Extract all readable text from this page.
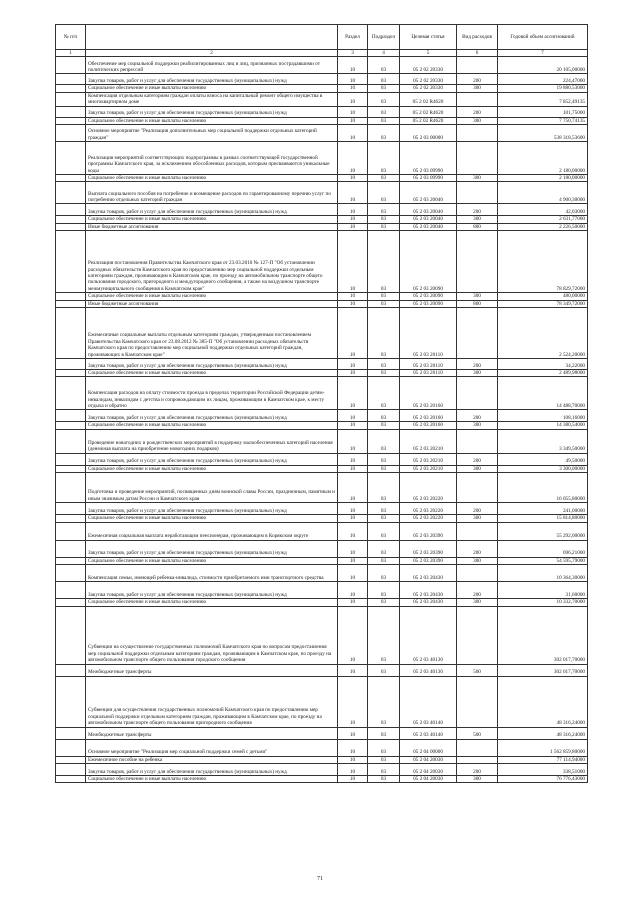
№ п/п		Раздел	Подраздел	Целевая статья	Вид расходов	Годовой объем ассигнований
1	2	3	4	5	6	7
	Обеспечение мер социальной поддержки реабилитированных лиц и лиц, признанных пострадавшими от политических репрессий	10	03	05 2 02 20330		20 105,00000
	Закупка товаров, работ и услуг для обеспечения государственных (муниципальных) нужд	10	03	05 2 02 20330	200	224,47000
	Социальное обеспечение и иные выплаты населению	10	03	05 2 02 20330	300	19 880,53000
	Компенсация отдельным категориям граждан оплаты взноса на капитальный ремонт общего имущества в многоквартирном доме	10	03	05 2 02 R4620		7 852,49135
	Закупка товаров, работ и услуг для обеспечения государственных (муниципальных) нужд	10	03	05 2 02 R4620	200	101,75000
	Социальное обеспечение и иные выплаты населению	10	03	05 2 02 R4620	300	7 750,74135
	Основное мероприятие "Реализация дополнительных мер социальной поддержки отдельных категорий граждан"	10	03	05 2 03 00000		538 318,53600
	Реализация мероприятий соответствующих подпрограммы в рамках соответствующей государственной программы Камчатского края, за исключением обособленных расходов, которым присваиваются уникальные коды	10	03	05 2 03 09990		2 180,00000
	Социальное обеспечение и иные выплаты населению	10	03	05 2 03 09990	300	2 180,00000
	Выплата социального пособия на погребение и возмещение расходов по гарантированному перечню услуг по погребению отдельных категорий граждан	10	03	05 2 03 20040		4 900,30000
	Закупка товаров, работ и услуг для обеспечения государственных (муниципальных) нужд	10	03	05 2 03 20040	200	42,03000
	Социальное обеспечение и иные выплаты населению	10	03	05 2 03 20040	300	2 631,77000
	Иные бюджетные ассигнования	10	03	05 2 03 20040	800	2 226,50000
	Реализация постановления Правительства Камчатского края от 23.03.2010 № 127-П "Об установлении расходных обязательств Камчатского края по предоставлению мер социальной поддержки отдельным категориям граждан, проживающим в Камчатском крае, по проезду на автомобильном транспорте общего пользования городского, пригородного и междугородного сообщения, а также на воздушном транспорте межмуниципального сообщения в Камчатском крае"	10	03	05 2 03 20090		78 829,72000
	Социальное обеспечение и иные выплаты населению	10	03	05 2 03 20090	300	480,00000
	Иные бюджетные ассигнования	10	03	05 2 03 20090	800	78 349,72000
	Ежемесячные социальные выплаты отдельным категориям граждан, утвержденным постановлением Правительства Камчатского края от 23.08.2012 № 385-П "Об установлении расходных обязательств Камчатского края по предоставлению мер социальной поддержки отдельных категорий граждан, проживающих в Камчатском крае"	10	03	05 2 03 20110		2 524,20000
	Закупка товаров, работ и услуг для обеспечения государственных (муниципальных) нужд	10	03	05 2 03 20110	200	34,22000
	Социальное обеспечение и иные выплаты населению	10	03	05 2 03 20110	300	2 489,98000
	Компенсация расходов на оплату стоимости проезда в пределах территории Российской Федерации детям-инвалидам, инвалидам с детства и сопровождающим их лицам, проживающим в Камчатском крае, к месту отдыха и обратно	10	03	05 2 03 20160		14 488,70000
	Закупка товаров, работ и услуг для обеспечения государственных (муниципальных) нужд	10	03	05 2 03 20160	200	108,16000
	Социальное обеспечение и иные выплаты населению	10	03	05 2 03 20160	300	14 380,54000
	Проведение новогодних и рождественских мероприятий в поддержку малообеспеченных категорий населения (денежная выплата на приобретение новогодних подарков)	10	03	05 2 03 20210		3 349,50000
	Закупка товаров, работ и услуг для обеспечения государственных (муниципальных) нужд	10	03	05 2 03 20210	200	49,50000
	Социальное обеспечение и иные выплаты населению	10	03	05 2 03 20210	300	3 300,00000
	Подготовка и проведение мероприятий, посвященных дням воинской славы России, праздничным, памятным и иным значимым датам России и Камчатского края	10	03	05 2 03 20220		16 055,80000
	Закупка товаров, работ и услуг для обеспечения государственных (муниципальных) нужд	10	03	05 2 03 20220	200	241,00000
	Социальное обеспечение и иные выплаты населению	10	03	05 2 03 20220	300	15 814,80000
	Ежемесячная социальная выплата неработающим пенсионерам, проживающим в Корякском округе	10	03	05 2 03 20390		55 292,00000
	Закупка товаров, работ и услуг для обеспечения государственных (муниципальных) нужд	10	03	05 2 03 20390	200	696,21000
	Социальное обеспечение и иные выплаты населению	10	03	05 2 03 20390	300	54 595,79000
	Компенсация семьи, имеющей ребенка-инвалида, стоимости приобретаемого ими транспортного средства	10	03	05 2 03 20430		10 364,30000
	Закупка товаров, работ и услуг для обеспечения государственных (муниципальных) нужд	10	03	05 2 03 20430	200	31,60000
	Социальное обеспечение и иные выплаты населению	10	03	05 2 03 20430	300	10 332,70000
	Субвенции на осуществление государственных полномочий Камчатского края по вопросам предоставления мер социальной поддержки отдельным категориям граждан, проживающим в Камчатском крае, по проезду на автомобильном транспорте общего пользования городского сообщения	10	03	05 2 03 40130		302 017,70000
	Межбюджетные трансферты	10	03	05 2 03 40130	500	302 017,70000
	Субвенции для осуществления государственных полномочий Камчатского края по предоставлению мер социальной поддержки отдельным категориям граждан, проживающим в Камчатском крае, по проезду на автомобильном транспорте общего пользования пригородного сообщения	10	03	05 2 03 40140		48 316,24000
	Межбюджетные трансферты	10	03	05 2 03 40140	500	48 316,24000
	Основное мероприятие "Реализация мер социальной поддержки семей с детьми"	10	03	05 2 04 00000		1 562 859,80000
	Ежемесячное пособие на ребенка	10	03	05 2 04 20030		77 114,94000
	Закупка товаров, работ и услуг для обеспечения государственных (муниципальных) нужд	10	03	05 2 04 20030	200	338,51000
	Социальное обеспечение и иные выплаты населению	10	03	05 2 04 20030	300	76 776,43000
71
